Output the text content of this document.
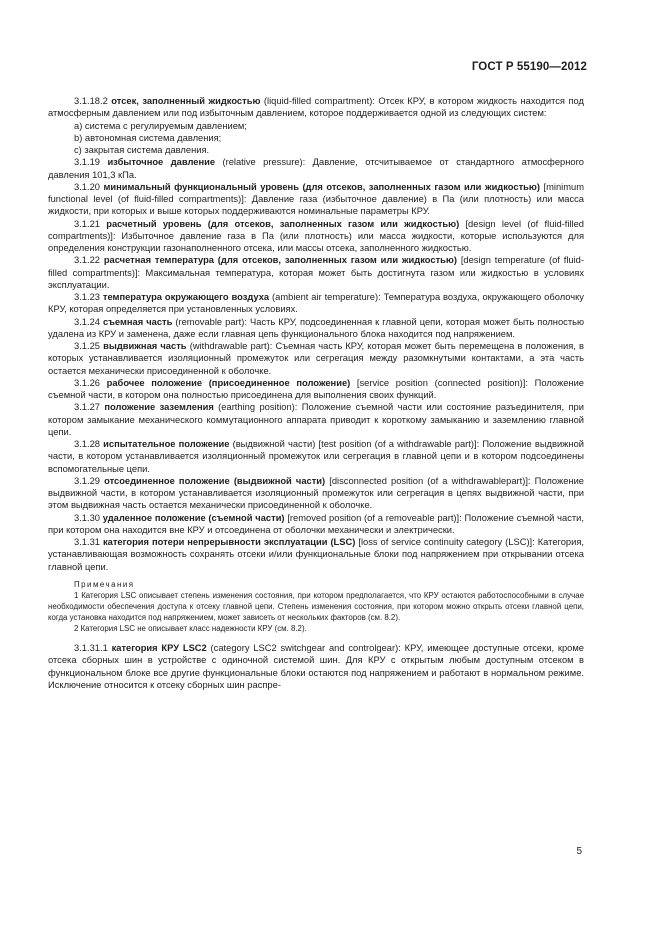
ГОСТ Р 55190—2012

3.1.18.2 отсек, заполненный жидкостью (liquid-filled compartment): Отсек КРУ, в котором жидкость находится под атмосферным давлением или под избыточным давлением, которое поддерживается одной из следующих систем:

a) система с регулируемым давлением;

b) автономная система давления;

c) закрытая система давления.

3.1.19 избыточное давление (relative pressure): Давление, отсчитываемое от стандартного атмосферного давления 101,3 кПа.

3.1.20 минимальный функциональный уровень (для отсеков, заполненных газом или жидкостью) [minimum functional level (of fluid-filled compartments)]: Давление газа (избыточное давление) в Па (или плотность) или масса жидкости, при которых и выше которых поддерживаются номинальные параметры КРУ.

3.1.21 расчетный уровень (для отсеков, заполненных газом или жидкостью) [design level (of fluid-filled compartments)]: Избыточное давление газа в Па (или плотность) или масса жидкости, которые используются для определения конструкции газонаполненного отсека, или массы отсека, заполненного жидкостью.

3.1.22 расчетная температура (для отсеков, заполненных газом или жидкостью) [design temperature (of fluid-filled compartments)]: Максимальная температура, которая может быть достигнута газом или жидкостью в условиях эксплуатации.

3.1.23 температура окружающего воздуха (ambient air temperature): Температура воздуха, окружающего оболочку КРУ, которая определяется при установленных условиях.

3.1.24 съемная часть (removable part): Часть КРУ, подсоединенная к главной цепи, которая может быть полностью удалена из КРУ и заменена, даже если главная цепь функционального блока находится под напряжением.

3.1.25 выдвижная часть (withdrawable part): Съемная часть КРУ, которая может быть перемещена в положения, в которых устанавливается изоляционный промежуток или сегрегация между разомкнутыми контактами, а эта часть остается механически присоединенной к оболочке.

3.1.26 рабочее положение (присоединенное положение) [service position (connected position)]: Положение съемной части, в котором она полностью присоединена для выполнения своих функций.

3.1.27 положение заземления (earthing position): Положение съемной части или состояние разъединителя, при котором замыкание механического коммутационного аппарата приводит к короткому замыканию и заземлению главной цепи.

3.1.28 испытательное положение (выдвижной части) [test position (of a withdrawable part)]: Положение выдвижной части, в котором устанавливается изоляционный промежуток или сегрегация в главной цепи и в котором подсоединены вспомогательные цепи.

3.1.29 отсоединенное положение (выдвижной части) [disconnected position (of a withdrawablepart)]: Положение выдвижной части, в котором устанавливается изоляционный промежуток или сегрегация в цепях выдвижной части, при этом выдвижная часть остается механически присоединенной к оболочке.

3.1.30 удаленное положение (съемной части) [removed position (of a removeable part)]: Положение съемной части, при котором она находится вне КРУ и отсоединена от оболочки механически и электрически.

3.1.31 категория потери непрерывности эксплуатации (LSC) [loss of service continuity category (LSC)]: Категория, устанавливающая возможность сохранять отсеки и/или функциональные блоки под напряжением при открывании отсека главной цепи.

Примечания

1 Категория LSC описывает степень изменения состояния, при котором предполагается, что КРУ остаются работоспособными в случае необходимости обеспечения доступа к отсеку главной цепи. Степень изменения состояния, при котором можно открыть отсеки главной цепи, когда установка находится под напряжением, может зависеть от нескольких факторов (см. 8.2).

2 Категория LSC не описывает класс надежности КРУ (см. 8.2).

3.1.31.1 категория КРУ LSC2 (category LSC2 switchgear and controlgear): КРУ, имеющее доступные отсеки, кроме отсека сборных шин в устройстве с одиночной системой шин. Для КРУ с открытым любым доступным отсеком в функциональном блоке все другие функциональные блоки остаются под напряжением и работают в нормальном режиме. Исключение относится к отсеку сборных шин распре-

5
